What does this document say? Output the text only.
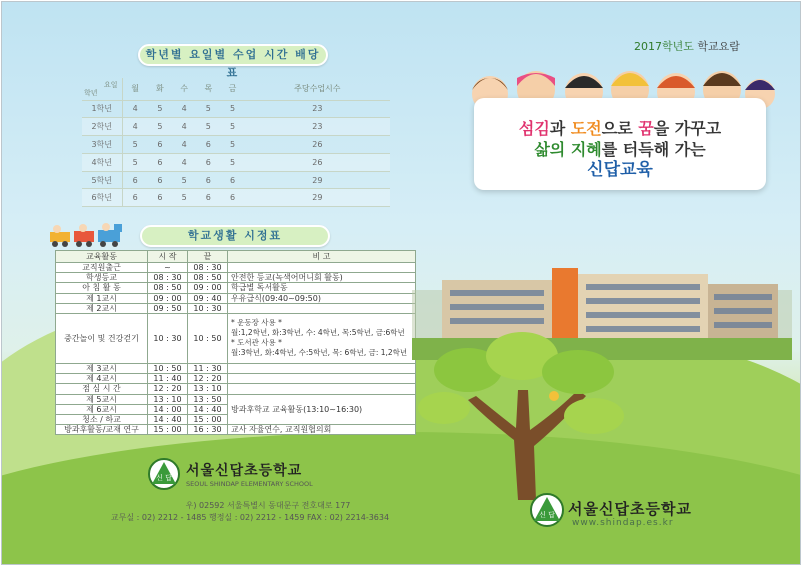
2017학년도 학교요람
학년별 요일별 수업 시간 배당표
요일
학년	월	화	수	목	금	주당수업시수
1학년	4	5	4	5	5	23
2학년	4	5	4	5	5	23
3학년	5	6	4	6	5	26
4학년	5	6	4	6	5	26
5학년	6	6	5	6	6	29
6학년	6	6	5	6	6	29
학교생활 시정표
교육활동	시 작	끝	비 고
교직원출근	~	08 : 30	
학생등교	08 : 30	08 : 50	안전한 등교(녹색어머니회 활동)
아 침 활 동	08 : 50	09 : 00	학급별 독서활동
제 1교시	09 : 00	09 : 40	우유급식(09:40~09:50)
제 2교시	09 : 50	10 : 30	
중간놀이 및 건강걷기	10 : 30	10 : 50	* 운동장 사용 *
월:1,2학년, 화:3학년, 수: 4학년, 목:5학년, 금:6학년
* 도서관 사용 *
월:3학년, 화:4학년, 수:5학년, 목: 6학년, 금: 1,2학년

제 3교시	10 : 50	11 : 30	
제 4교시	11 : 40	12 : 20	
점 심 시 간	12 : 20	13 : 10	
제 5교시	13 : 10	13 : 50	방과후학교 교육활동(13:10~16:30)
제 6교시	14 : 00	14 : 40	
청소 / 하교	14 : 40	15 : 00	
방과후활동/교재 연구	15 : 00	16 : 30	교사 자율연수, 교직원협의회
섬김과 도전으로 꿈을 가꾸고
삶의 지혜를 터득해 가는
신답교육
신 답 서울신답초등학교
SEOUL SHINDAP ELEMENTARY SCHOOL
우) 02592 서울특별시 동대문구 전호대로 177
교무실 : 02) 2212 - 1485 행정실 : 02) 2212 - 1459 FAX : 02) 2214-3634	신 답 서울신답초등학교
www.shindap.es.kr
